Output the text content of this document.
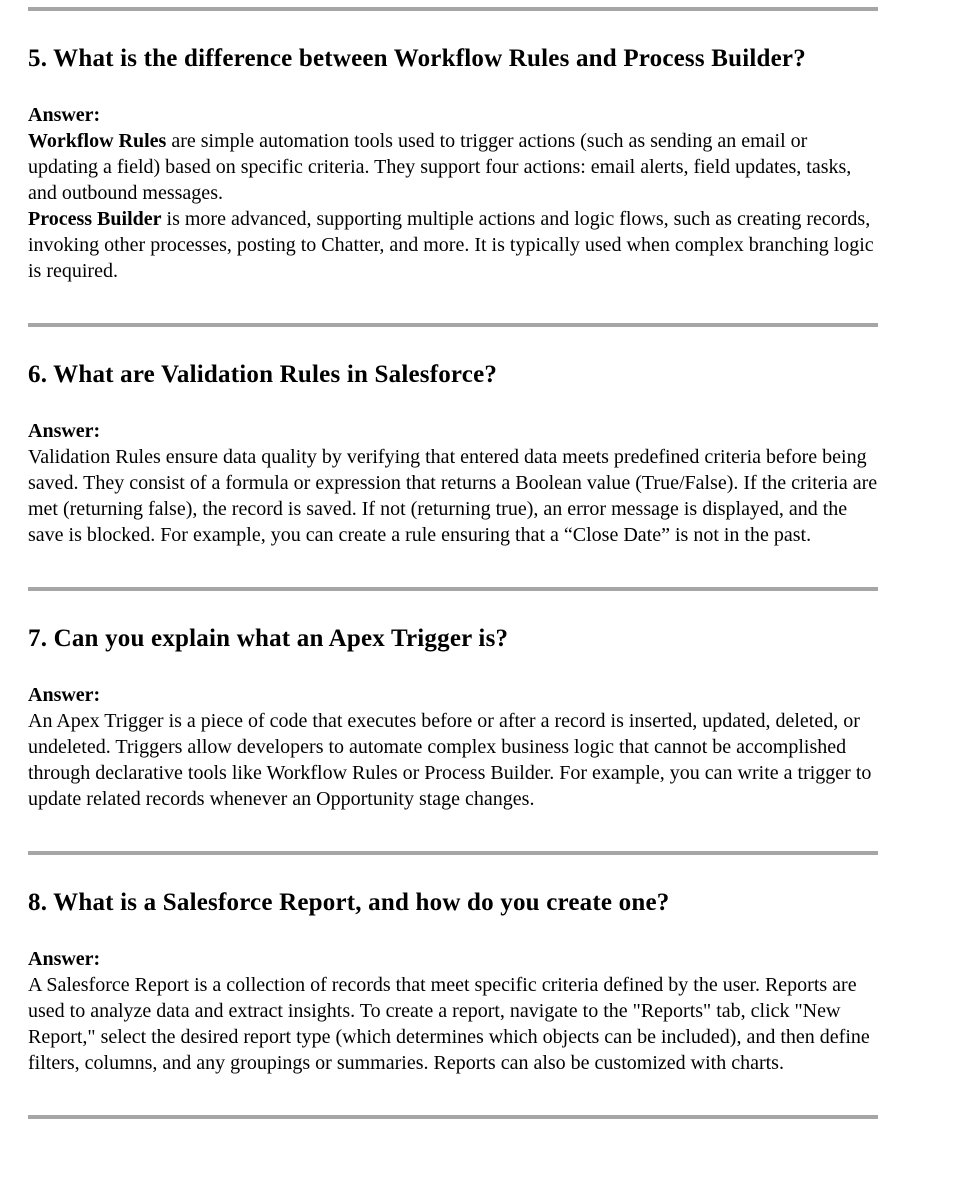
5. What is the difference between Workflow Rules and Process Builder?

Answer:

Workflow Rules are simple automation tools used to trigger actions (such as sending an email or updating a field) based on specific criteria. They support four actions: email alerts, field updates, tasks, and outbound messages.

Process Builder is more advanced, supporting multiple actions and logic flows, such as creating records, invoking other processes, posting to Chatter, and more. It is typically used when complex branching logic is required.

6. What are Validation Rules in Salesforce?

Answer:

Validation Rules ensure data quality by verifying that entered data meets predefined criteria before being saved. They consist of a formula or expression that returns a Boolean value (True/False). If the criteria are met (returning false), the record is saved. If not (returning true), an error message is displayed, and the save is blocked. For example, you can create a rule ensuring that a “Close Date” is not in the past.

7. Can you explain what an Apex Trigger is?

Answer:

An Apex Trigger is a piece of code that executes before or after a record is inserted, updated, deleted, or undeleted. Triggers allow developers to automate complex business logic that cannot be accomplished through declarative tools like Workflow Rules or Process Builder. For example, you can write a trigger to update related records whenever an Opportunity stage changes.

8. What is a Salesforce Report, and how do you create one?

Answer:

A Salesforce Report is a collection of records that meet specific criteria defined by the user. Reports are used to analyze data and extract insights. To create a report, navigate to the "Reports" tab, click "New Report," select the desired report type (which determines which objects can be included), and then define filters, columns, and any groupings or summaries. Reports can also be customized with charts.
